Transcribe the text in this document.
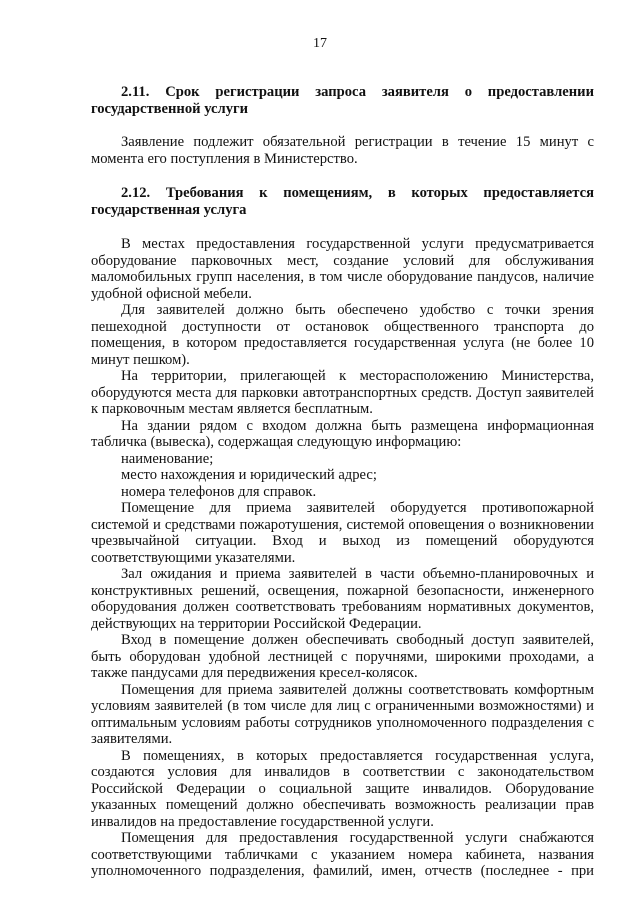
17

2.11. Срок регистрации запроса заявителя о предоставлении государственной услуги

Заявление подлежит обязательной регистрации в течение 15 минут с момента его поступления в Министерство.

2.12. Требования к помещениям, в которых предоставляется государственная услуга

В местах предоставления государственной услуги предусматривается оборудование парковочных мест, создание условий для обслуживания маломобильных групп населения, в том числе оборудование пандусов, наличие удобной офисной мебели.

Для заявителей должно быть обеспечено удобство с точки зрения пешеходной доступности от остановок общественного транспорта до помещения, в котором предоставляется государственная услуга (не более 10 минут пешком).

На территории, прилегающей к месторасположению Министерства, оборудуются места для парковки автотранспортных средств. Доступ заявителей к парковочным местам является бесплатным.

На здании рядом с входом должна быть размещена информационная табличка (вывеска), содержащая следующую информацию:

наименование;

место нахождения и юридический адрес;

номера телефонов для справок.

Помещение для приема заявителей оборудуется противопожарной системой и средствами пожаротушения, системой оповещения о возникновении чрезвычайной ситуации. Вход и выход из помещений оборудуются соответствующими указателями.

Зал ожидания и приема заявителей в части объемно-планировочных и конструктивных решений, освещения, пожарной безопасности, инженерного оборудования должен соответствовать требованиям нормативных документов, действующих на территории Российской Федерации.

Вход в помещение должен обеспечивать свободный доступ заявителей, быть оборудован удобной лестницей с поручнями, широкими проходами, а также пандусами для передвижения кресел-колясок.

Помещения для приема заявителей должны соответствовать комфортным условиям заявителей (в том числе для лиц с ограниченными возможностями) и оптимальным условиям работы сотрудников уполномоченного подразделения с заявителями.

В помещениях, в которых предоставляется государственная услуга, создаются условия для инвалидов в соответствии с законодательством Российской Федерации о социальной защите инвалидов. Оборудование указанных помещений должно обеспечивать возможность реализации прав инвалидов на предоставление государственной услуги.

Помещения для предоставления государственной услуги снабжаются соответствующими табличками с указанием номера кабинета, названия уполномоченного подразделения, фамилий, имен, отчеств (последнее - при
